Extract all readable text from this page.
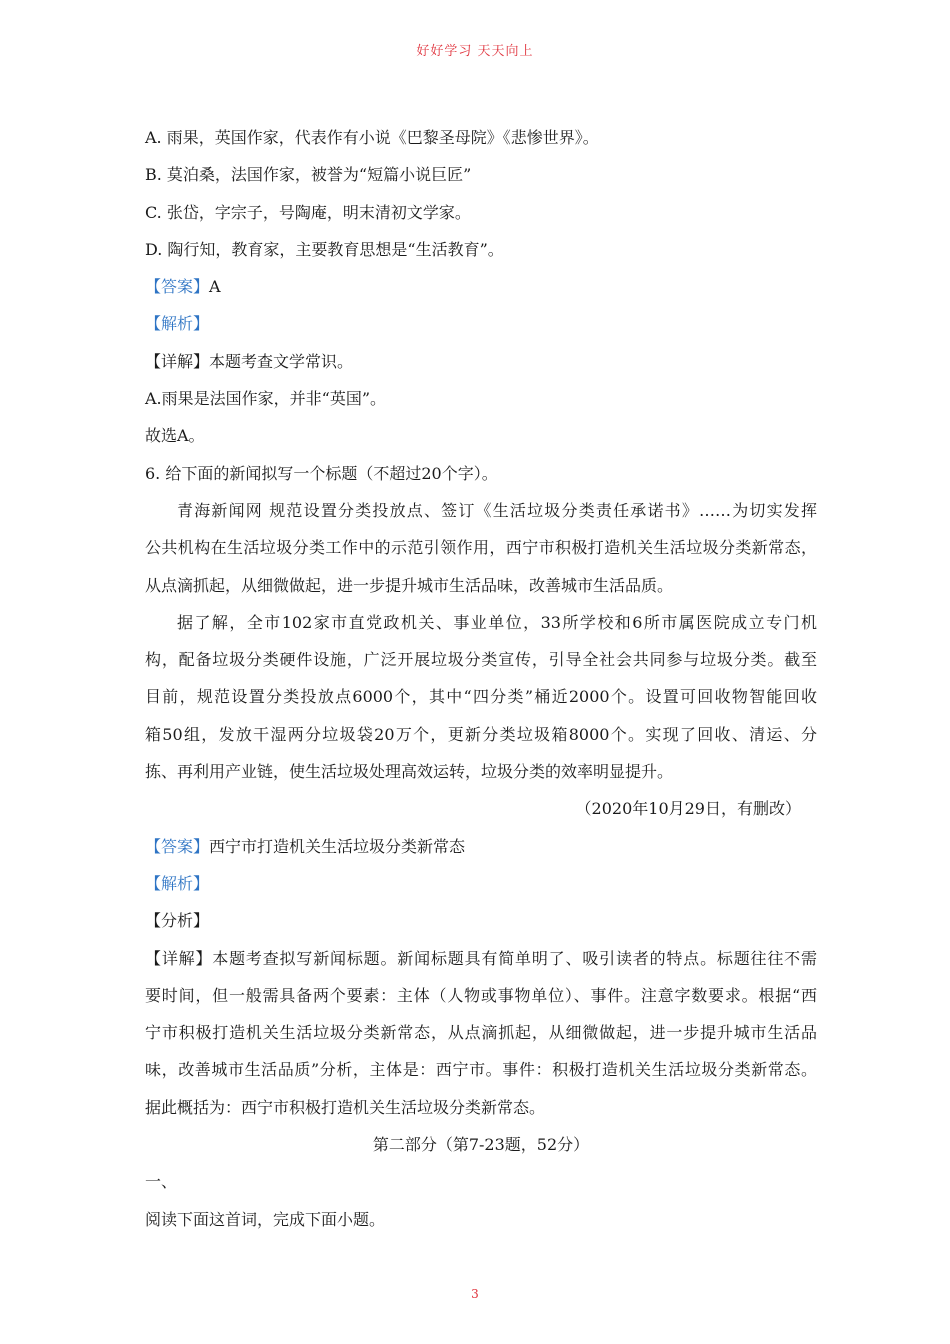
好好学习 天天向上
A. 雨果，英国作家，代表作有小说《巴黎圣母院》《悲惨世界》。
B. 莫泊桑，法国作家，被誉为“短篇小说巨匠”
C. 张岱，字宗子，号陶庵，明末清初文学家。
D. 陶行知，教育家，主要教育思想是“生活教育”。
【答案】A
【解析】
【详解】本题考查文学常识。
A.雨果是法国作家，并非“英国”。
故选A。
6. 给下面的新闻拟写一个标题（不超过20个字）。
青海新闻网 规范设置分类投放点、签订《生活垃圾分类责任承诺书》……为切实发挥
公共机构在生活垃圾分类工作中的示范引领作用，西宁市积极打造机关生活垃圾分类新常态，
从点滴抓起，从细微做起，进一步提升城市生活品味，改善城市生活品质。
据了解，全市102家市直党政机关、事业单位，33所学校和6所市属医院成立专门机
构，配备垃圾分类硬件设施，广泛开展垃圾分类宣传，引导全社会共同参与垃圾分类。截至
目前，规范设置分类投放点6000个，其中“四分类”桶近2000个。设置可回收物智能回收
箱50组，发放干湿两分垃圾袋20万个，更新分类垃圾箱8000个。实现了回收、清运、分
拣、再利用产业链，使生活垃圾处理高效运转，垃圾分类的效率明显提升。
（2020年10月29日，有删改）
【答案】西宁市打造机关生活垃圾分类新常态
【解析】
【分析】
【详解】本题考查拟写新闻标题。新闻标题具有简单明了、吸引读者的特点。标题往往不需
要时间，但一般需具备两个要素：主体（人物或事物单位）、事件。注意字数要求。根据“西
宁市积极打造机关生活垃圾分类新常态，从点滴抓起，从细微做起，进一步提升城市生活品
味，改善城市生活品质”分析，主体是：西宁市。事件：积极打造机关生活垃圾分类新常态。
据此概括为：西宁市积极打造机关生活垃圾分类新常态。
第二部分（第7-23题，52分）
一、
阅读下面这首词，完成下面小题。
3
